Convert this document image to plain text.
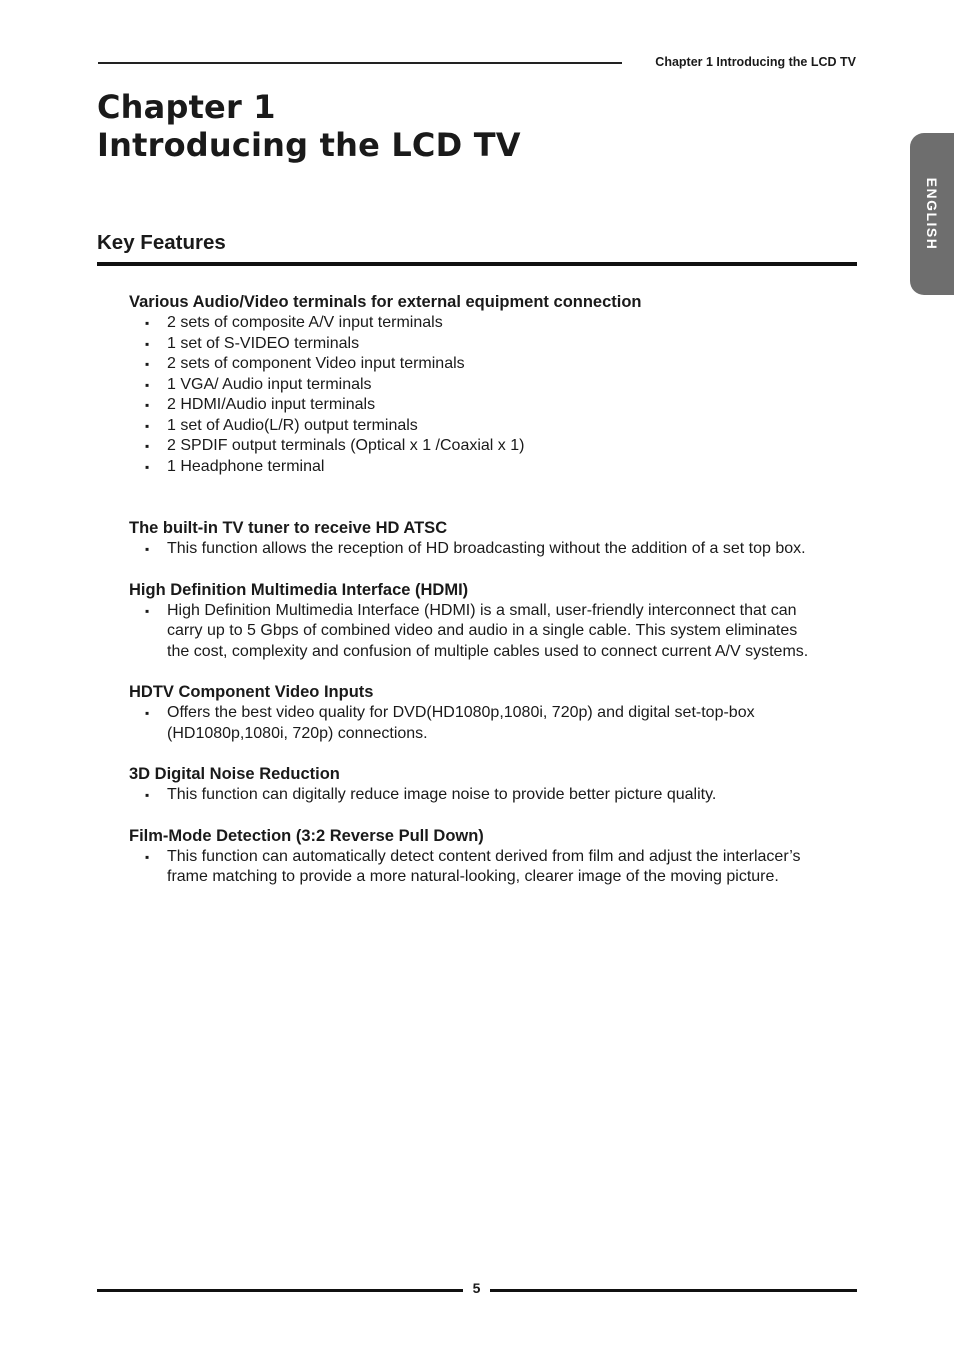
Chapter 1 Introducing the LCD TV
Chapter 1
Introducing the LCD TV
ENGLISH
Key Features
Various Audio/Video terminals for external equipment connection
▪ 2 sets of composite A/V input terminals
▪ 1 set of S-VIDEO terminals
▪ 2 sets of component Video input terminals
▪ 1 VGA/ Audio input terminals
▪ 2 HDMI/Audio input terminals
▪ 1 set of Audio(L/R) output terminals
▪ 2 SPDIF output terminals (Optical x 1 /Coaxial x 1)
▪ 1 Headphone terminal
The built-in TV tuner to receive HD ATSC
▪ This function allows the reception of HD broadcasting without the addition of a set top box.
High Definition Multimedia Interface (HDMI)
▪ High Definition Multimedia Interface (HDMI) is a small, user-friendly interconnect that can carry up to 5 Gbps of combined video and audio in a single cable. This system eliminates the cost, complexity and confusion of multiple cables used to connect current A/V systems.
HDTV Component Video Inputs
▪ Offers the best video quality for DVD(HD1080p,1080i, 720p) and digital set-top-box (HD1080p,1080i, 720p) connections.
3D Digital Noise Reduction
▪ This function can digitally reduce image noise to provide better picture quality.
Film-Mode Detection (3:2 Reverse Pull Down)
▪ This function can automatically detect content derived from film and adjust the interlacer’s frame matching to provide a more natural-looking, clearer image of the moving picture.
5
